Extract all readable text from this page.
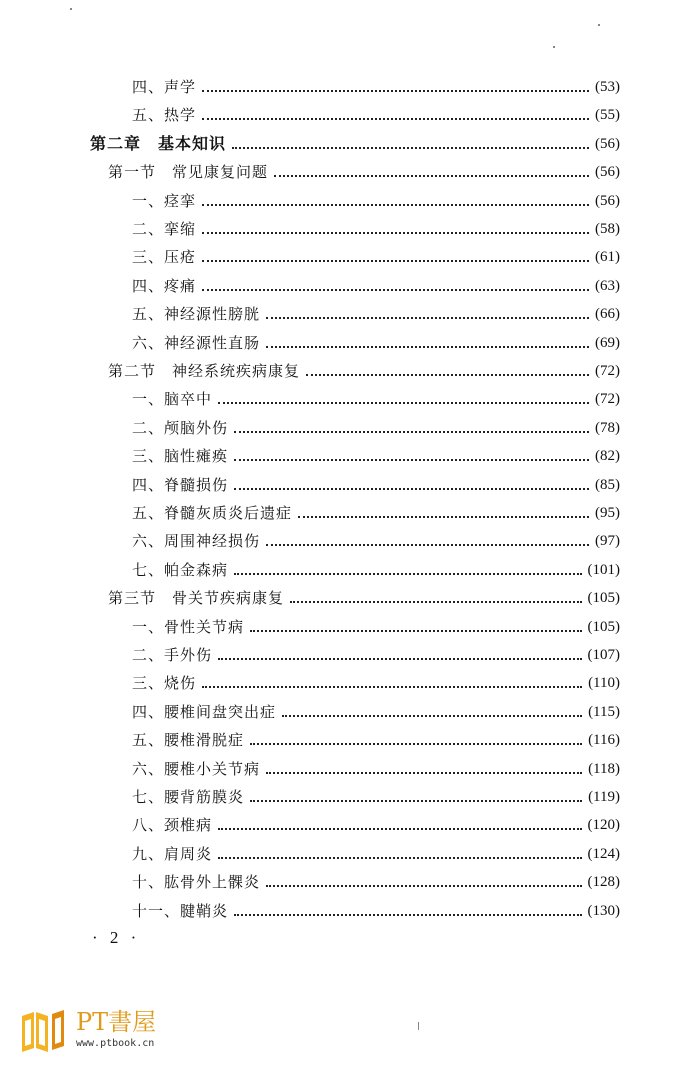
四、声学	(53)
五、热学	(55)
第二章　基本知识	(56)
第一节　常见康复问题	(56)
一、痉挛	(56)
二、挛缩	(58)
三、压疮	(61)
四、疼痛	(63)
五、神经源性膀胱	(66)
六、神经源性直肠	(69)
第二节　神经系统疾病康复	(72)
一、脑卒中	(72)
二、颅脑外伤	(78)
三、脑性瘫痪	(82)
四、脊髓损伤	(85)
五、脊髓灰质炎后遗症	(95)
六、周围神经损伤	(97)
七、帕金森病	(101)
第三节　骨关节疾病康复	(105)
一、骨性关节病	(105)
二、手外伤	(107)
三、烧伤	(110)
四、腰椎间盘突出症	(115)
五、腰椎滑脱症	(116)
六、腰椎小关节病	(118)
七、腰背筋膜炎	(119)
八、颈椎病	(120)
九、肩周炎	(124)
十、肱骨外上髁炎	(128)
十一、腱鞘炎	(130)
· 2 ·
PT書屋
www.ptbook.cn
